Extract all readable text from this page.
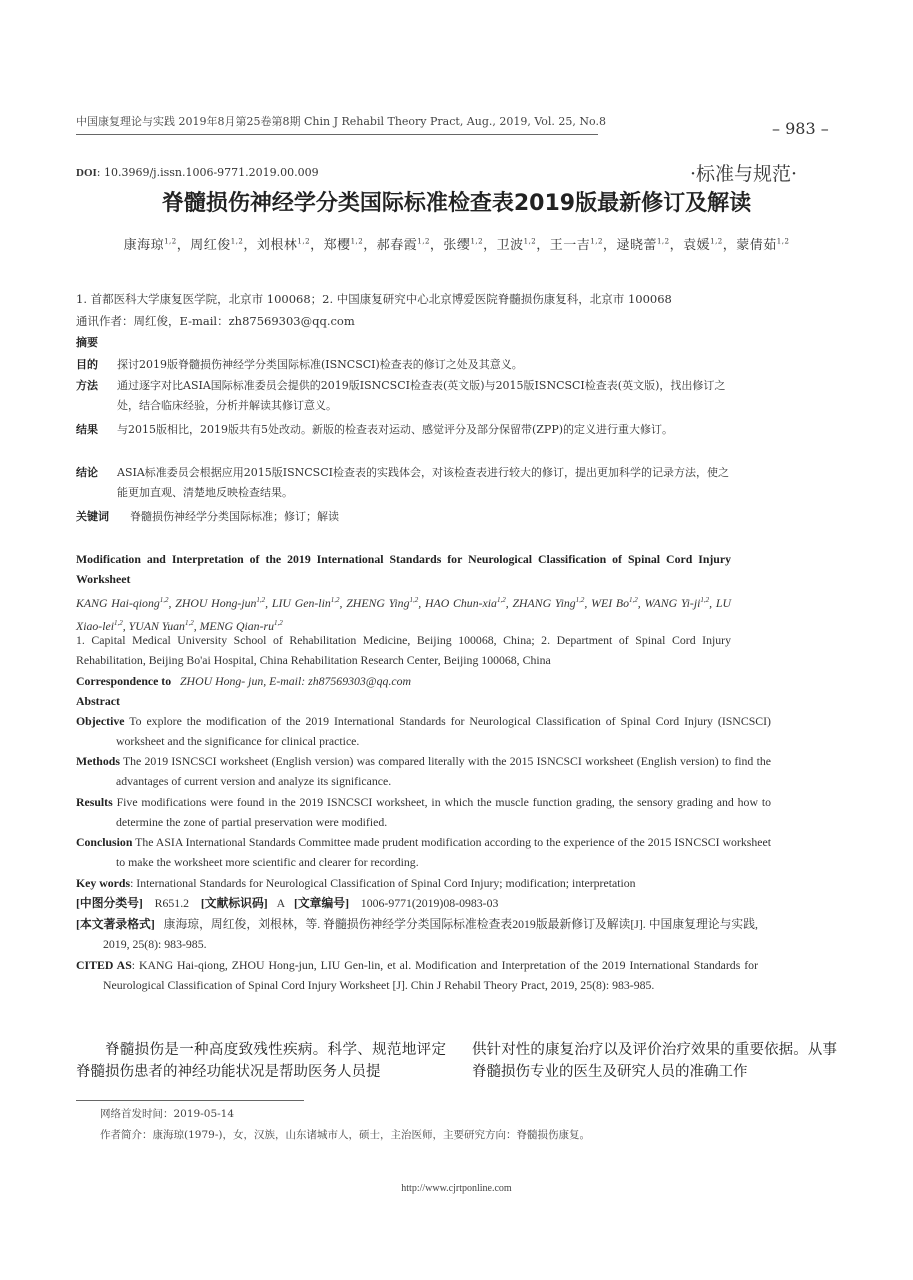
中国康复理论与实践 2019年8月第25卷第8期 Chin J Rehabil Theory Pract, Aug., 2019, Vol. 25, No.8	– 983 –
DOI: 10.3969/j.issn.1006-9771.2019.00.009	·标准与规范·
脊髓损伤神经学分类国际标准检查表2019版最新修订及解读
康海琼$^{1,2}$，周红俊$^{1,2}$，刘根林$^{1,2}$，郑樱$^{1,2}$，郝春霞$^{1,2}$，张缨$^{1,2}$，卫波$^{1,2}$，王一吉$^{1,2}$，逯晓蕾$^{1,2}$，袁媛$^{1,2}$，蒙倩茹$^{1,2}$
1. 首都医科大学康复医学院，北京市 100068；2. 中国康复研究中心北京博爱医院脊髓损伤康复科，北京市 100068
通讯作者：周红俊，E-mail：zh87569303@qq.com
摘要
目的 探讨2019版脊髓损伤神经学分类国际标准(ISNCSCI)检查表的修订之处及其意义。
方法 通过逐字对比ASIA国际标准委员会提供的2019版ISNCSCI检查表(英文版)与2015版ISNCSCI检查表(英文版)，找出修订之处，结合临床经验，分析并解读其修订意义。
结果 与2015版相比，2019版共有5处改动。新版的检查表对运动、感觉评分及部分保留带(ZPP)的定义进行重大修订。
结论 ASIA标准委员会根据应用2015版ISNCSCI检查表的实践体会，对该检查表进行较大的修订，提出更加科学的记录方法，使之能更加直观、清楚地反映检查结果。
关键词 脊髓损伤神经学分类国际标准；修订；解读
Modification and Interpretation of the 2019 International Standards for Neurological Classification of Spinal Cord Injury Worksheet
KANG Hai-qiong$^{1,2}$, ZHOU Hong-jun$^{1,2}$, LIU Gen-lin$^{1,2}$, ZHENG Ying$^{1,2}$, HAO Chun-xia$^{1,2}$, ZHANG Ying$^{1,2}$, WEI Bo$^{1,2}$, WANG Yi-ji$^{1,2}$, LU Xiao-lei$^{1,2}$, YUAN Yuan$^{1,2}$, MENG Qian-ru$^{1,2}$
1. Capital Medical University School of Rehabilitation Medicine, Beijing 100068, China; 2. Department of Spinal Cord Injury Rehabilitation, Beijing Bo'ai Hospital, China Rehabilitation Research Center, Beijing 100068, China
Correspondence to ZHOU Hong- jun, E-mail: zh87569303@qq.com
Abstract
Objective To explore the modification of the 2019 International Standards for Neurological Classification of Spinal Cord Injury (ISNCSCI) worksheet and the significance for clinical practice.
Methods The 2019 ISNCSCI worksheet (English version) was compared literally with the 2015 ISNCSCI worksheet (English version) to find the advantages of current version and analyze its significance.
Results Five modifications were found in the 2019 ISNCSCI worksheet, in which the muscle function grading, the sensory grading and how to determine the zone of partial preservation were modified.
Conclusion The ASIA International Standards Committee made prudent modification according to the experience of the 2015 ISNCSCI worksheet to make the worksheet more scientific and clearer for recording.
Key words: International Standards for Neurological Classification of Spinal Cord Injury; modification; interpretation
[中图分类号] R651.2 [文献标识码] A [文章编号] 1006-9771(2019)08-0983-03
[本文著录格式] 康海琼，周红俊，刘根林，等. 脊髓损伤神经学分类国际标准检查表2019版最新修订及解读[J]. 中国康复理论与实践, 2019, 25(8): 983-985.
CITED AS: KANG Hai-qiong, ZHOU Hong-jun, LIU Gen-lin, et al. Modification and Interpretation of the 2019 International Standards for Neurological Classification of Spinal Cord Injury Worksheet [J]. Chin J Rehabil Theory Pract, 2019, 25(8): 983-985.
脊髓损伤是一种高度致残性疾病。科学、规范地评定脊髓损伤患者的神经功能状况是帮助医务人员提
供针对性的康复治疗以及评价治疗效果的重要依据。从事脊髓损伤专业的医生及研究人员的准确工作
网络首发时间：2019-05-14
作者简介：康海琼(1979-)，女，汉族，山东诸城市人，硕士，主治医师，主要研究方向：脊髓损伤康复。
http://www.cjrtponline.com
